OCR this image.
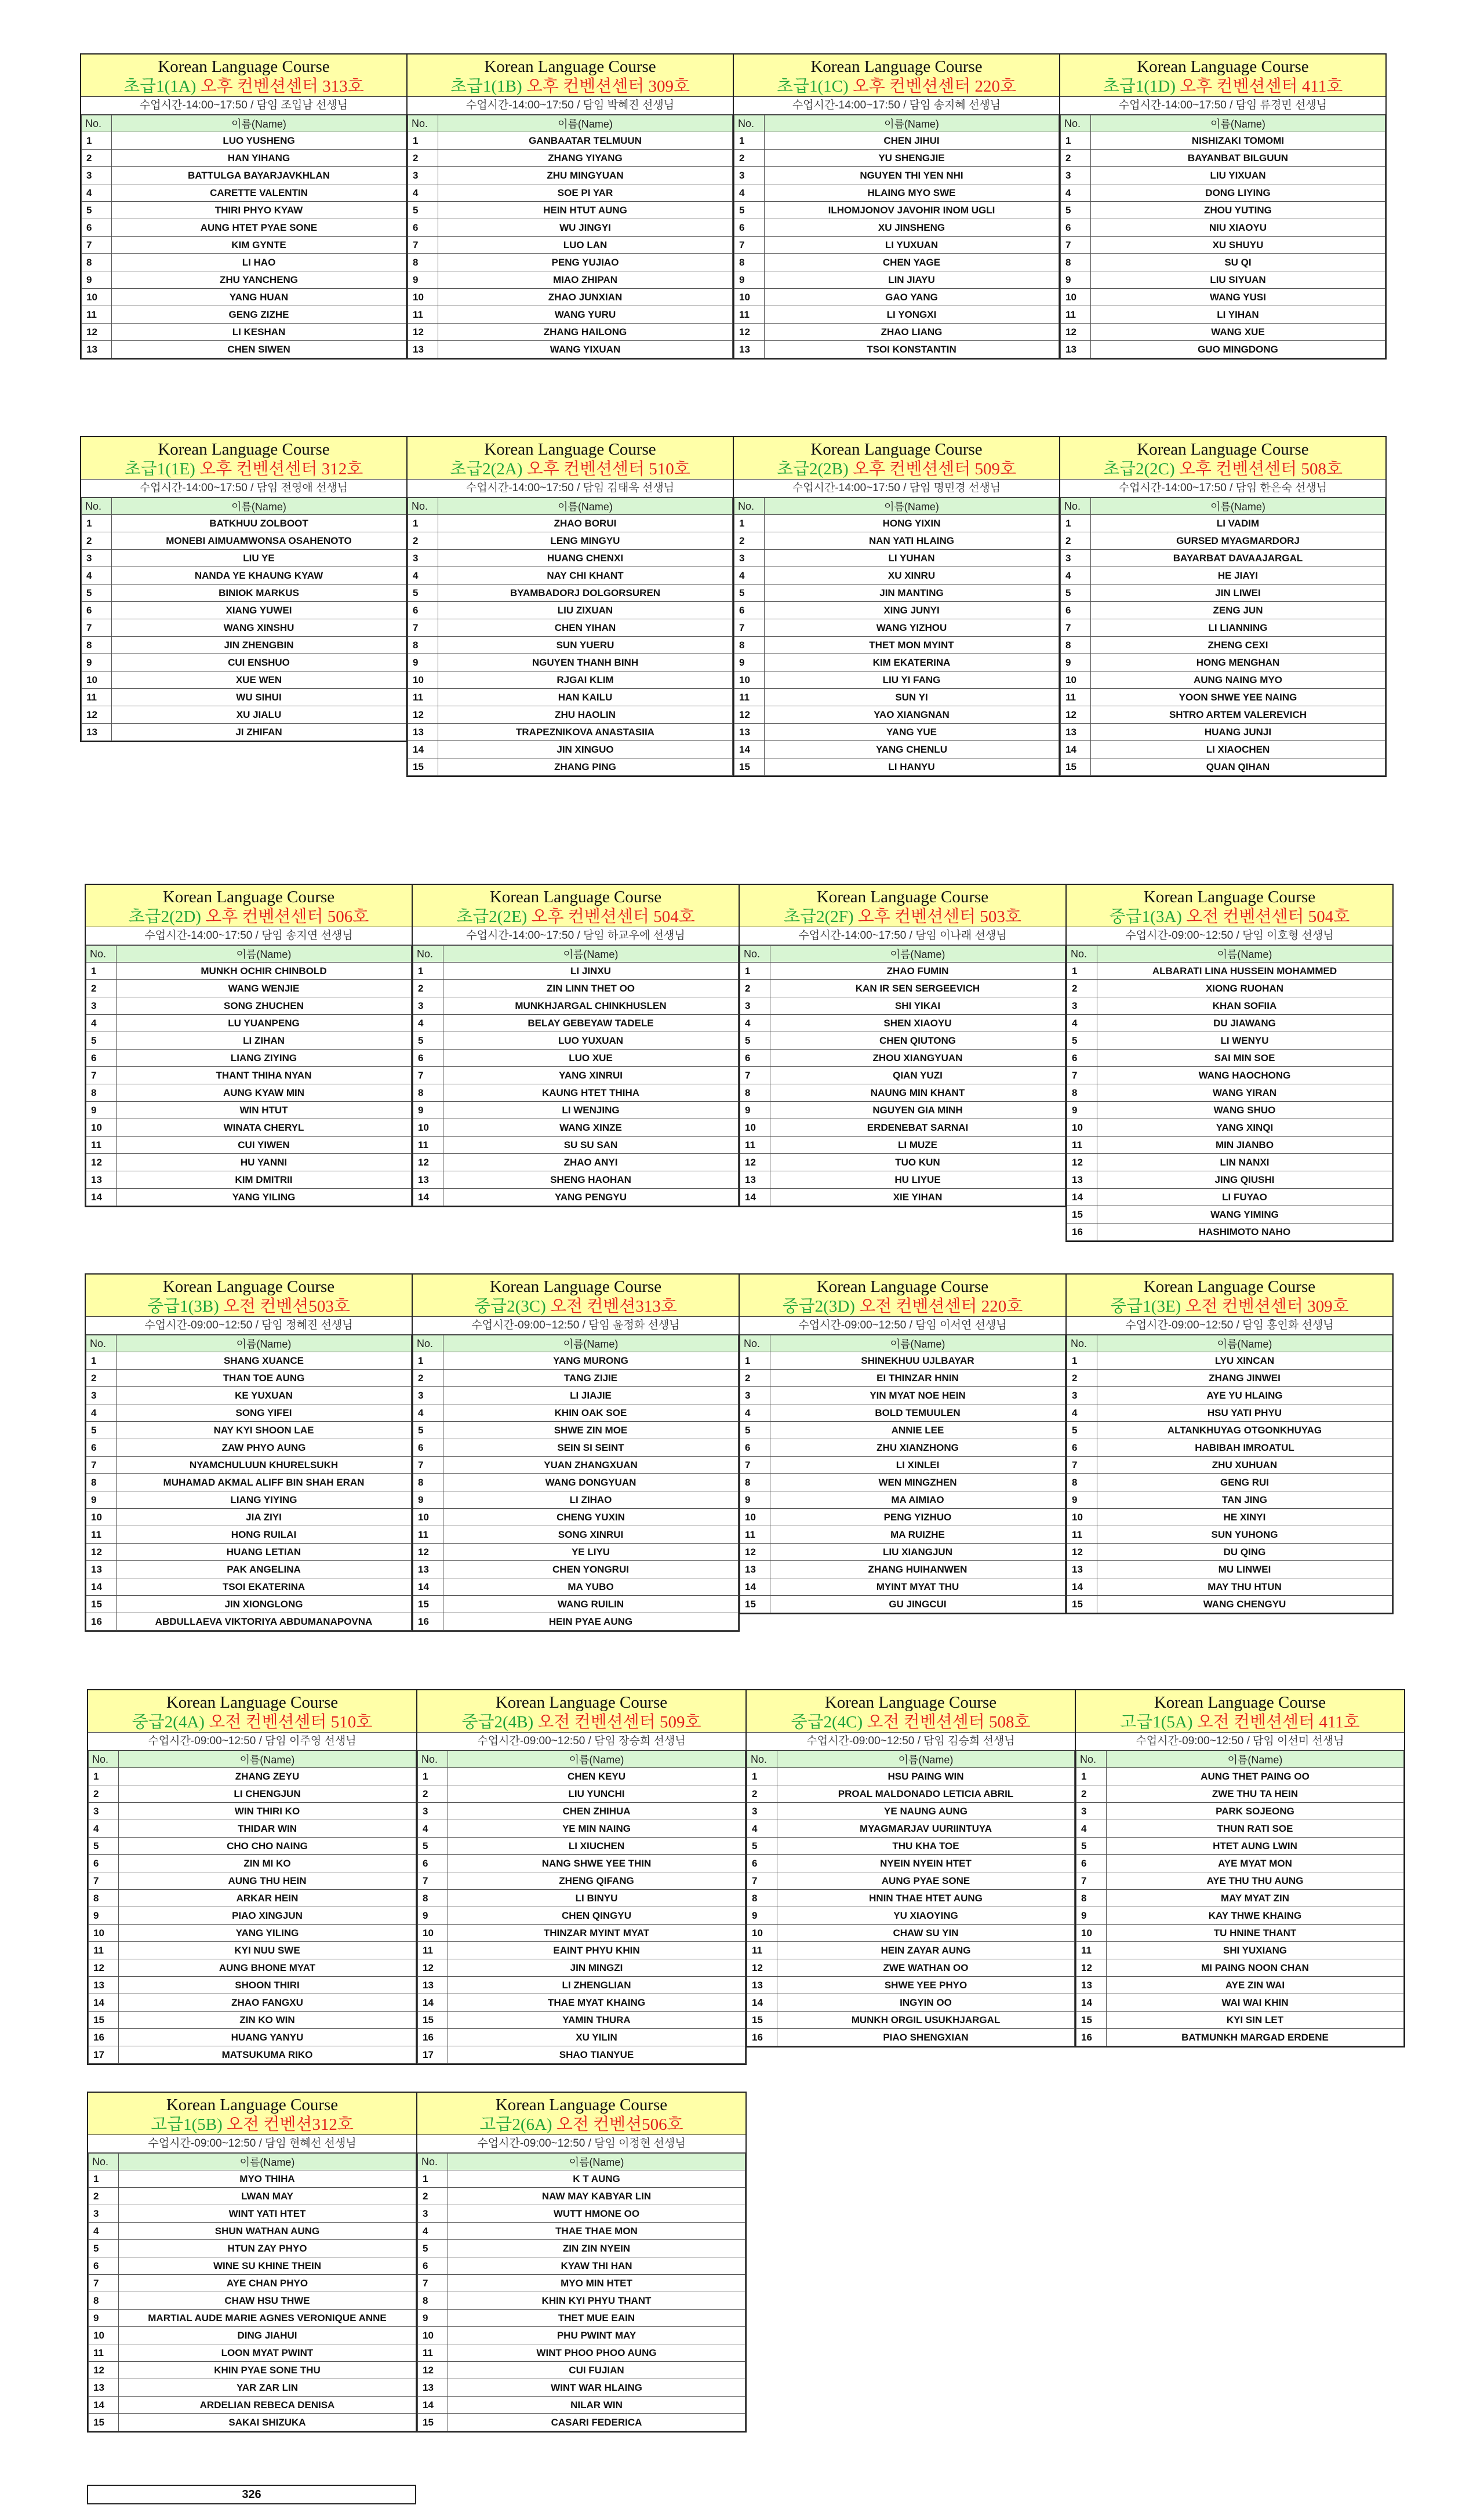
Korean Language Course
초급1(1A) 오후 컨벤션센터 313호
수업시간-14:00~17:50 / 담임 조입남 선생님
No.	이름(Name)
1	LUO YUSHENG
2	HAN YIHANG
3	BATTULGA BAYARJAVKHLAN
4	CARETTE VALENTIN
5	THIRI PHYO KYAW
6	AUNG HTET PYAE SONE
7	KIM GYNTE
8	LI HAO
9	ZHU YANCHENG
10	YANG HUAN
11	GENG ZIZHE
12	LI KESHAN
13	CHEN SIWEN
Korean Language Course
초급1(1B) 오후 컨벤션센터 309호
수업시간-14:00~17:50 / 담임 박혜진 선생님
No.	이름(Name)
1	GANBAATAR TELMUUN
2	ZHANG YIYANG
3	ZHU MINGYUAN
4	SOE PI YAR
5	HEIN HTUT AUNG
6	WU JINGYI
7	LUO LAN
8	PENG YUJIAO
9	MIAO ZHIPAN
10	ZHAO JUNXIAN
11	WANG YURU
12	ZHANG HAILONG
13	WANG YIXUAN
Korean Language Course
초급1(1C) 오후 컨벤션센터 220호
수업시간-14:00~17:50 / 담임 송지혜 선생님
No.	이름(Name)
1	CHEN JIHUI
2	YU SHENGJIE
3	NGUYEN THI YEN NHI
4	HLAING MYO SWE
5	ILHOMJONOV JAVOHIR INOM UGLI
6	XU JINSHENG
7	LI YUXUAN
8	CHEN YAGE
9	LIN JIAYU
10	GAO YANG
11	LI YONGXI
12	ZHAO LIANG
13	TSOI KONSTANTIN
Korean Language Course
초급1(1D) 오후 컨벤션센터 411호
수업시간-14:00~17:50 / 담임 류경민 선생님
No.	이름(Name)
1	NISHIZAKI TOMOMI
2	BAYANBAT BILGUUN
3	LIU YIXUAN
4	DONG LIYING
5	ZHOU YUTING
6	NIU XIAOYU
7	XU SHUYU
8	SU QI
9	LIU SIYUAN
10	WANG YUSI
11	LI YIHAN
12	WANG XUE
13	GUO MINGDONG
Korean Language Course
초급1(1E) 오후 컨벤션센터 312호
수업시간-14:00~17:50 / 담임 전영애 선생님
No.	이름(Name)
1	BATKHUU ZOLBOOT
2	MONEBI AIMUAMWONSA OSAHENOTO
3	LIU YE
4	NANDA YE KHAUNG KYAW
5	BINIOK MARKUS
6	XIANG YUWEI
7	WANG XINSHU
8	JIN ZHENGBIN
9	CUI ENSHUO
10	XUE WEN
11	WU SIHUI
12	XU JIALU
13	JI ZHIFAN
Korean Language Course
초급2(2A) 오후 컨벤션센터 510호
수업시간-14:00~17:50 / 담임 김태욱 선생님
No.	이름(Name)
1	ZHAO BORUI
2	LENG MINGYU
3	HUANG CHENXI
4	NAY CHI KHANT
5	BYAMBADORJ DOLGORSUREN
6	LIU ZIXUAN
7	CHEN YIHAN
8	SUN YUERU
9	NGUYEN THANH BINH
10	RJGAI KLIM
11	HAN KAILU
12	ZHU HAOLIN
13	TRAPEZNIKOVA ANASTASIIA
14	JIN XINGUO
15	ZHANG PING
Korean Language Course
초급2(2B) 오후 컨벤션센터 509호
수업시간-14:00~17:50 / 담임 명민경 선생님
No.	이름(Name)
1	HONG YIXIN
2	NAN YATI HLAING
3	LI YUHAN
4	XU XINRU
5	JIN MANTING
6	XING JUNYI
7	WANG YIZHOU
8	THET MON MYINT
9	KIM EKATERINA
10	LIU YI FANG
11	SUN YI
12	YAO XIANGNAN
13	YANG YUE
14	YANG CHENLU
15	LI HANYU
Korean Language Course
초급2(2C) 오후 컨벤션센터 508호
수업시간-14:00~17:50 / 담임 한은숙 선생님
No.	이름(Name)
1	LI VADIM
2	GURSED MYAGMARDORJ
3	BAYARBAT DAVAAJARGAL
4	HE JIAYI
5	JIN LIWEI
6	ZENG JUN
7	LI LIANNING
8	ZHENG CEXI
9	HONG MENGHAN
10	AUNG NAING MYO
11	YOON SHWE YEE NAING
12	SHTRO ARTEM VALEREVICH
13	HUANG JUNJI
14	LI XIAOCHEN
15	QUAN QIHAN
Korean Language Course
초급2(2D) 오후 컨벤션센터 506호
수업시간-14:00~17:50 / 담임 송지연 선생님
No.	이름(Name)
1	MUNKH OCHIR CHINBOLD
2	WANG WENJIE
3	SONG ZHUCHEN
4	LU YUANPENG
5	LI ZIHAN
6	LIANG ZIYING
7	THANT THIHA NYAN
8	AUNG KYAW MIN
9	WIN HTUT
10	WINATA CHERYL
11	CUI YIWEN
12	HU YANNI
13	KIM DMITRII
14	YANG YILING
Korean Language Course
초급2(2E) 오후 컨벤션센터 504호
수업시간-14:00~17:50 / 담임 하교우에 선생님
No.	이름(Name)
1	LI JINXU
2	ZIN LINN THET OO
3	MUNKHJARGAL CHINKHUSLEN
4	BELAY GEBEYAW TADELE
5	LUO YUXUAN
6	LUO XUE
7	YANG XINRUI
8	KAUNG HTET THIHA
9	LI WENJING
10	WANG XINZE
11	SU SU SAN
12	ZHAO ANYI
13	SHENG HAOHAN
14	YANG PENGYU
Korean Language Course
초급2(2F) 오후 컨벤션센터 503호
수업시간-14:00~17:50 / 담임 이나래 선생님
No.	이름(Name)
1	ZHAO FUMIN
2	KAN IR SEN SERGEEVICH
3	SHI YIKAI
4	SHEN XIAOYU
5	CHEN QIUTONG
6	ZHOU XIANGYUAN
7	QIAN YUZI
8	NAUNG MIN KHANT
9	NGUYEN GIA MINH
10	ERDENEBAT SARNAI
11	LI MUZE
12	TUO KUN
13	HU LIYUE
14	XIE YIHAN
Korean Language Course
중급1(3A) 오전 컨벤션센터 504호
수업시간-09:00~12:50 / 담임 이호형 선생님
No.	이름(Name)
1	ALBARATI LINA HUSSEIN MOHAMMED
2	XIONG RUOHAN
3	KHAN SOFIIA
4	DU JIAWANG
5	LI WENYU
6	SAI MIN SOE
7	WANG HAOCHONG
8	WANG YIRAN
9	WANG SHUO
10	YANG XINQI
11	MIN JIANBO
12	LIN NANXI
13	JING QIUSHI
14	LI FUYAO
15	WANG YIMING
16	HASHIMOTO NAHO
Korean Language Course
중급1(3B) 오전 컨벤션503호
수업시간-09:00~12:50 / 담임 정혜진 선생님
No.	이름(Name)
1	SHANG XUANCE
2	THAN TOE AUNG
3	KE YUXUAN
4	SONG YIFEI
5	NAY KYI SHOON LAE
6	ZAW PHYO AUNG
7	NYAMCHULUUN KHURELSUKH
8	MUHAMAD AKMAL ALIFF BIN SHAH ERAN
9	LIANG YIYING
10	JIA ZIYI
11	HONG RUILAI
12	HUANG LETIAN
13	PAK ANGELINA
14	TSOI EKATERINA
15	JIN XIONGLONG
16	ABDULLAEVA VIKTORIYA ABDUMANAPOVNA
Korean Language Course
중급2(3C) 오전 컨벤션313호
수업시간-09:00~12:50 / 담임 윤정화 선생님
No.	이름(Name)
1	YANG MURONG
2	TANG ZIJIE
3	LI JIAJIE
4	KHIN OAK SOE
5	SHWE ZIN MOE
6	SEIN SI SEINT
7	YUAN ZHANGXUAN
8	WANG DONGYUAN
9	LI ZIHAO
10	CHENG YUXIN
11	SONG XINRUI
12	YE LIYU
13	CHEN YONGRUI
14	MA YUBO
15	WANG RUILIN
16	HEIN PYAE AUNG
Korean Language Course
중급2(3D) 오전 컨벤션센터 220호
수업시간-09:00~12:50 / 담임 이서연 선생님
No.	이름(Name)
1	SHINEKHUU UJLBAYAR
2	EI THINZAR HNIN
3	YIN MYAT NOE HEIN
4	BOLD TEMUULEN
5	ANNIE LEE
6	ZHU XIANZHONG
7	LI XINLEI
8	WEN MINGZHEN
9	MA AIMIAO
10	PENG YIZHUO
11	MA RUIZHE
12	LIU XIANGJUN
13	ZHANG HUIHANWEN
14	MYINT MYAT THU
15	GU JINGCUI
Korean Language Course
중급1(3E) 오전 컨벤션센터 309호
수업시간-09:00~12:50 / 담임 홍인화 선생님
No.	이름(Name)
1	LYU XINCAN
2	ZHANG JINWEI
3	AYE YU HLAING
4	HSU YATI PHYU
5	ALTANKHUYAG OTGONKHUYAG
6	HABIBAH IMROATUL
7	ZHU XUHUAN
8	GENG RUI
9	TAN JING
10	HE XINYI
11	SUN YUHONG
12	DU QING
13	MU LINWEI
14	MAY THU HTUN
15	WANG CHENGYU
Korean Language Course
중급2(4A) 오전 컨벤션센터 510호
수업시간-09:00~12:50 / 담임 이주영 선생님
No.	이름(Name)
1	ZHANG ZEYU
2	LI CHENGJUN
3	WIN THIRI KO
4	THIDAR WIN
5	CHO CHO NAING
6	ZIN MI KO
7	AUNG THU HEIN
8	ARKAR HEIN
9	PIAO XINGJUN
10	YANG YILING
11	KYI NUU SWE
12	AUNG BHONE MYAT
13	SHOON THIRI
14	ZHAO FANGXU
15	ZIN KO WIN
16	HUANG YANYU
17	MATSUKUMA RIKO
Korean Language Course
중급2(4B) 오전 컨벤션센터 509호
수업시간-09:00~12:50 / 담임 장승희 선생님
No.	이름(Name)
1	CHEN KEYU
2	LIU YUNCHI
3	CHEN ZHIHUA
4	YE MIN NAING
5	LI XIUCHEN
6	NANG SHWE YEE THIN
7	ZHENG QIFANG
8	LI BINYU
9	CHEN QINGYU
10	THINZAR MYINT MYAT
11	EAINT PHYU KHIN
12	JIN MINGZI
13	LI ZHENGLIAN
14	THAE MYAT KHAING
15	YAMIN THURA
16	XU YILIN
17	SHAO TIANYUE
Korean Language Course
중급2(4C) 오전 컨벤션센터 508호
수업시간-09:00~12:50 / 담임 김승희 선생님
No.	이름(Name)
1	HSU PAING WIN
2	PROAL MALDONADO LETICIA ABRIL
3	YE NAUNG AUNG
4	MYAGMARJAV UURIINTUYA
5	THU KHA TOE
6	NYEIN NYEIN HTET
7	AUNG PYAE SONE
8	HNIN THAE HTET AUNG
9	YU XIAOYING
10	CHAW SU YIN
11	HEIN ZAYAR AUNG
12	ZWE WATHAN OO
13	SHWE YEE PHYO
14	INGYIN OO
15	MUNKH ORGIL USUKHJARGAL
16	PIAO SHENGXIAN
Korean Language Course
고급1(5A) 오전 컨벤션센터 411호
수업시간-09:00~12:50 / 담임 이선미 선생님
No.	이름(Name)
1	AUNG THET PAING OO
2	ZWE THU TA HEIN
3	PARK SOJEONG
4	THUN RATI SOE
5	HTET AUNG LWIN
6	AYE MYAT MON
7	AYE THU THU AUNG
8	MAY MYAT ZIN
9	KAY THWE KHAING
10	TU HNINE THANT
11	SHI YUXIANG
12	MI PAING NOON CHAN
13	AYE ZIN WAI
14	WAI WAI KHIN
15	KYI SIN LET
16	BATMUNKH MARGAD ERDENE
Korean Language Course
고급1(5B) 오전 컨벤션312호
수업시간-09:00~12:50 / 담임 현혜선 선생님
No.	이름(Name)
1	MYO THIHA
2	LWAN MAY
3	WINT YATI HTET
4	SHUN WATHAN AUNG
5	HTUN ZAY PHYO
6	WINE SU KHINE THEIN
7	AYE CHAN PHYO
8	CHAW HSU THWE
9	MARTIAL AUDE MARIE AGNES VERONIQUE ANNE
10	DING JIAHUI
11	LOON MYAT PWINT
12	KHIN PYAE SONE THU
13	YAR ZAR LIN
14	ARDELIAN REBECA DENISA
15	SAKAI SHIZUKA
Korean Language Course
고급2(6A) 오전 컨벤션506호
수업시간-09:00~12:50 / 담임 이정현 선생님
No.	이름(Name)
1	K T AUNG
2	NAW MAY KABYAR LIN
3	WUTT HMONE OO
4	THAE THAE MON
5	ZIN ZIN NYEIN
6	KYAW THI HAN
7	MYO MIN HTET
8	KHIN KYI PHYU THANT
9	THET MUE EAIN
10	PHU PWINT MAY
11	WINT PHOO PHOO AUNG
12	CUI FUJIAN
13	WINT WAR HLAING
14	NILAR WIN
15	CASARI FEDERICA
326
